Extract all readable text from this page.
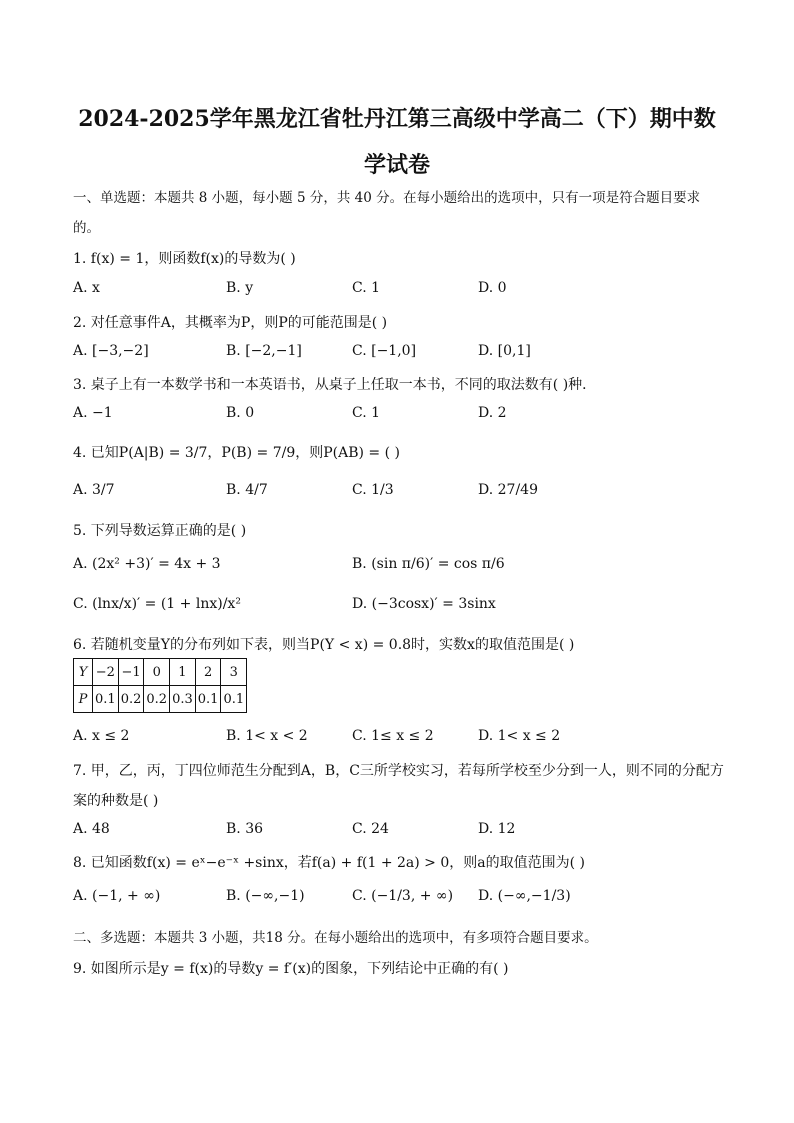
2024-2025学年黑龙江省牡丹江第三高级中学高二（下）期中数学试卷
一、单选题：本题共 8 小题，每小题 5 分，共 40 分。在每小题给出的选项中，只有一项是符合题目要求
的。
1. f(x) = 1，则函数f(x)的导数为( )
A. x	B. y	C. 1	D. 0
2. 对任意事件A，其概率为P，则P的可能范围是( )
A. [−3,−2]	B. [−2,−1]	C. [−1,0]	D. [0,1]
3. 桌子上有一本数学书和一本英语书，从桌子上任取一本书，不同的取法数有( )种．
A. −1	B. 0	C. 1	D. 2
4. 已知P(A|B) = 3/7，P(B) = 7/9，则P(AB) = ( )
A. 3/7	B. 4/7	C. 1/3	D. 27/49
5. 下列导数运算正确的是( )
A. (2x² +3)′ = 4x + 3	B. (sin π/6)′ = cos π/6
C. (lnx/x)′ = (1 + lnx)/x²	D. (−3cosx)′ = 3sinx
6. 若随机变量Y的分布列如下表，则当P(Y < x) = 0.8时，实数x的取值范围是( )
Y	−2	−1	0	1	2	3
P	0.1	0.2	0.2	0.3	0.1	0.1
A. x ≤ 2	B. 1< x < 2	C. 1≤ x ≤ 2	D. 1< x ≤ 2
7. 甲，乙，丙，丁四位师范生分配到A，B，C三所学校实习，若每所学校至少分到一人，则不同的分配方
案的种数是( )
A. 48	B. 36	C. 24	D. 12
8. 已知函数f(x) = eˣ−e⁻ˣ +sinx，若f(a) + f(1 + 2a) > 0，则a的取值范围为( )
A. (−1, + ∞)	B. (−∞,−1)	C. (−1/3, + ∞) D. (−∞,−1/3)
二、多选题：本题共 3 小题，共18 分。在每小题给出的选项中，有多项符合题目要求。
9. 如图所示是y = f(x)的导数y = f′(x)的图象，下列结论中正确的有( )
